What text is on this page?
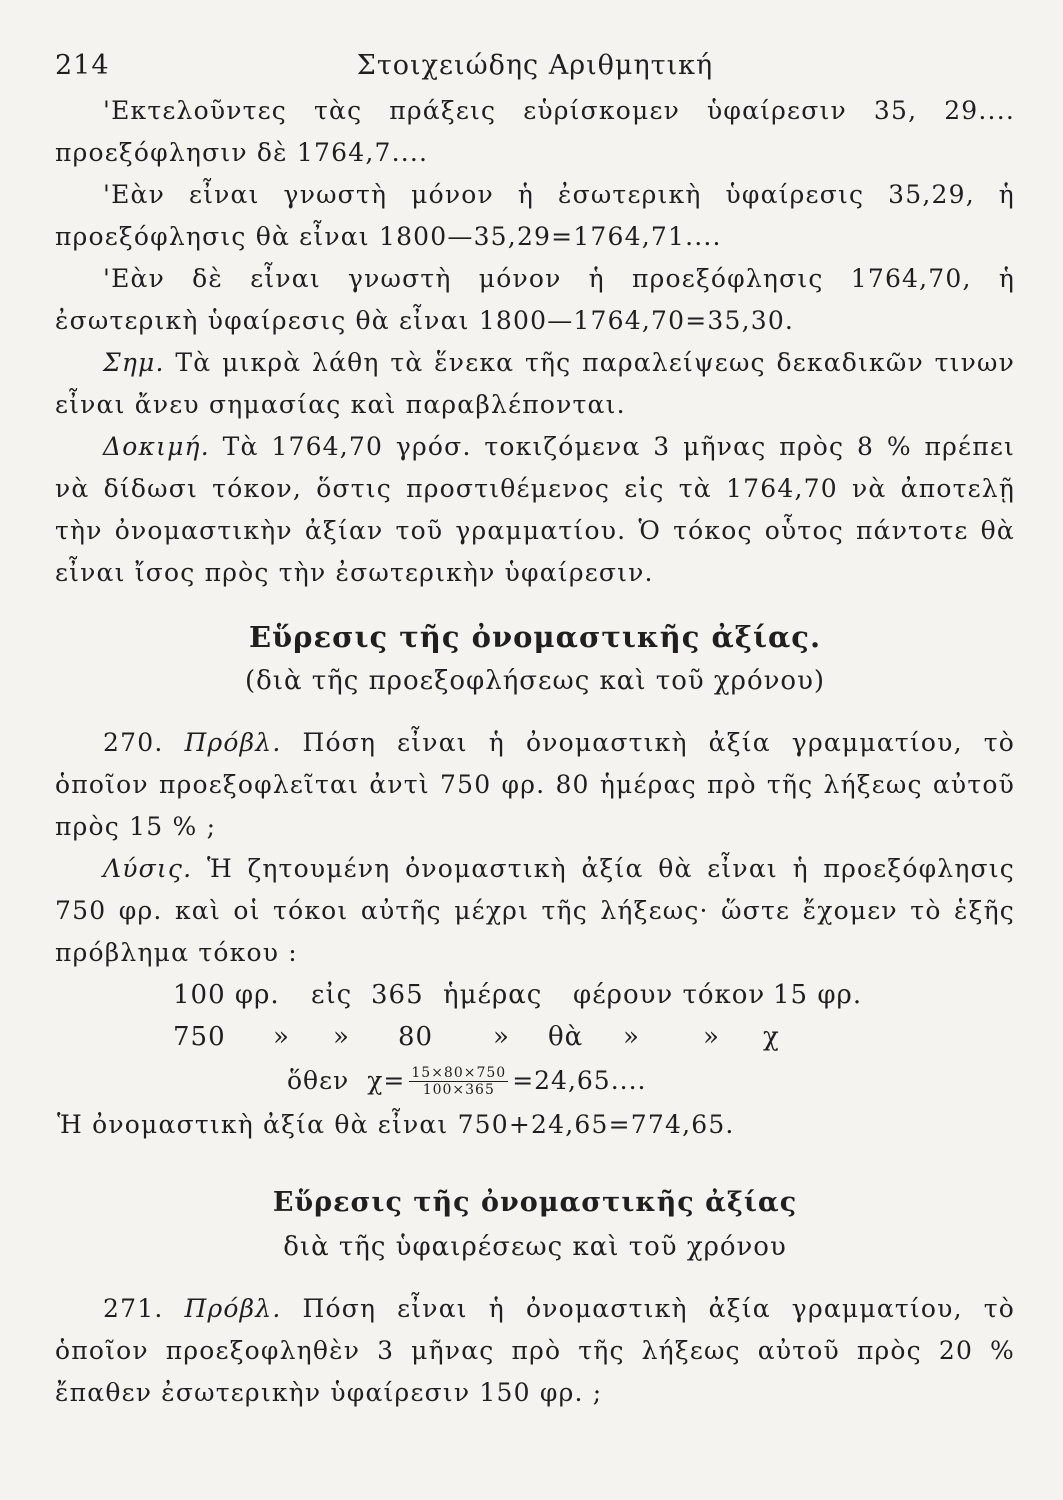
214	Στοιχειώδης Αριθμητική

'Εκτελοῦντες τὰς πράξεις εὑρίσκομεν ὑφαίρεσιν 35, 29.... προεξόφλησιν δὲ 1764,7....

'Εὰν εἶναι γνωστὴ μόνον ἡ ἐσωτερικὴ ὑφαίρεσις 35,29, ἡ προεξόφλησις θὰ εἶναι 1800—35,29=1764,71....

'Εὰν δὲ εἶναι γνωστὴ μόνον ἡ προεξόφλησις 1764,70, ἡ ἐσωτερικὴ ὑφαίρεσις θὰ εἶναι 1800—1764,70=35,30.

Σημ. Τὰ μικρὰ λάθη τὰ ἕνεκα τῆς παραλείψεως δεκαδικῶν τινων εἶναι ἄνευ σημασίας καὶ παραβλέπονται.

Δοκιμή. Τὰ 1764,70 γρόσ. τοκιζόμενα 3 μῆνας πρὸς 8 % πρέπει νὰ δίδωσι τόκον, ὅστις προστιθέμενος εἰς τὰ 1764,70 νὰ ἀποτελῇ τὴν ὀνομαστικὴν ἀξίαν τοῦ γραμματίου. Ὁ τόκος οὗτος πάντοτε θὰ εἶναι ἴσος πρὸς τὴν ἐσωτερικὴν ὑφαίρεσιν.

Εὕρεσις τῆς ὀνομαστικῆς ἀξίας.

(διὰ τῆς προεξοφλήσεως καὶ τοῦ χρόνου)

270. Πρόβλ. Πόση εἶναι ἡ ὀνομαστικὴ ἀξία γραμματίου, τὸ ὁποῖον προεξοφλεῖται ἀντὶ 750 φρ. 80 ἡμέρας πρὸ τῆς λήξεως αὐτοῦ πρὸς 15 % ;

Λύσις. Ἡ ζητουμένη ὀνομαστικὴ ἀξία θὰ εἶναι ἡ προεξόφλησις 750 φρ. καὶ οἱ τόκοι αὐτῆς μέχρι τῆς λήξεως· ὥστε ἔχομεν τὸ ἑξῆς πρόβλημα τόκου :

100 φρ.	εἰς 365 ἡμέρας	φέρουν τόκον 15 φρ.
750	»	»	80	»	θὰ	»	»	χ
ὅθεν $\chi= \frac{15\times 80\times 750}{100\times 365} =24,65$....

Ἡ ὀνομαστικὴ ἀξία θὰ εἶναι 750+24,65=774,65.

Εὕρεσις τῆς ὀνομαστικῆς ἀξίας

διὰ τῆς ὑφαιρέσεως καὶ τοῦ χρόνου

271. Πρόβλ. Πόση εἶναι ἡ ὀνομαστικὴ ἀξία γραμματίου, τὸ ὁποῖον προεξοφληθὲν 3 μῆνας πρὸ τῆς λήξεως αὐτοῦ πρὸς 20 % ἔπαθεν ἐσωτερικὴν ὑφαίρεσιν 150 φρ. ;
